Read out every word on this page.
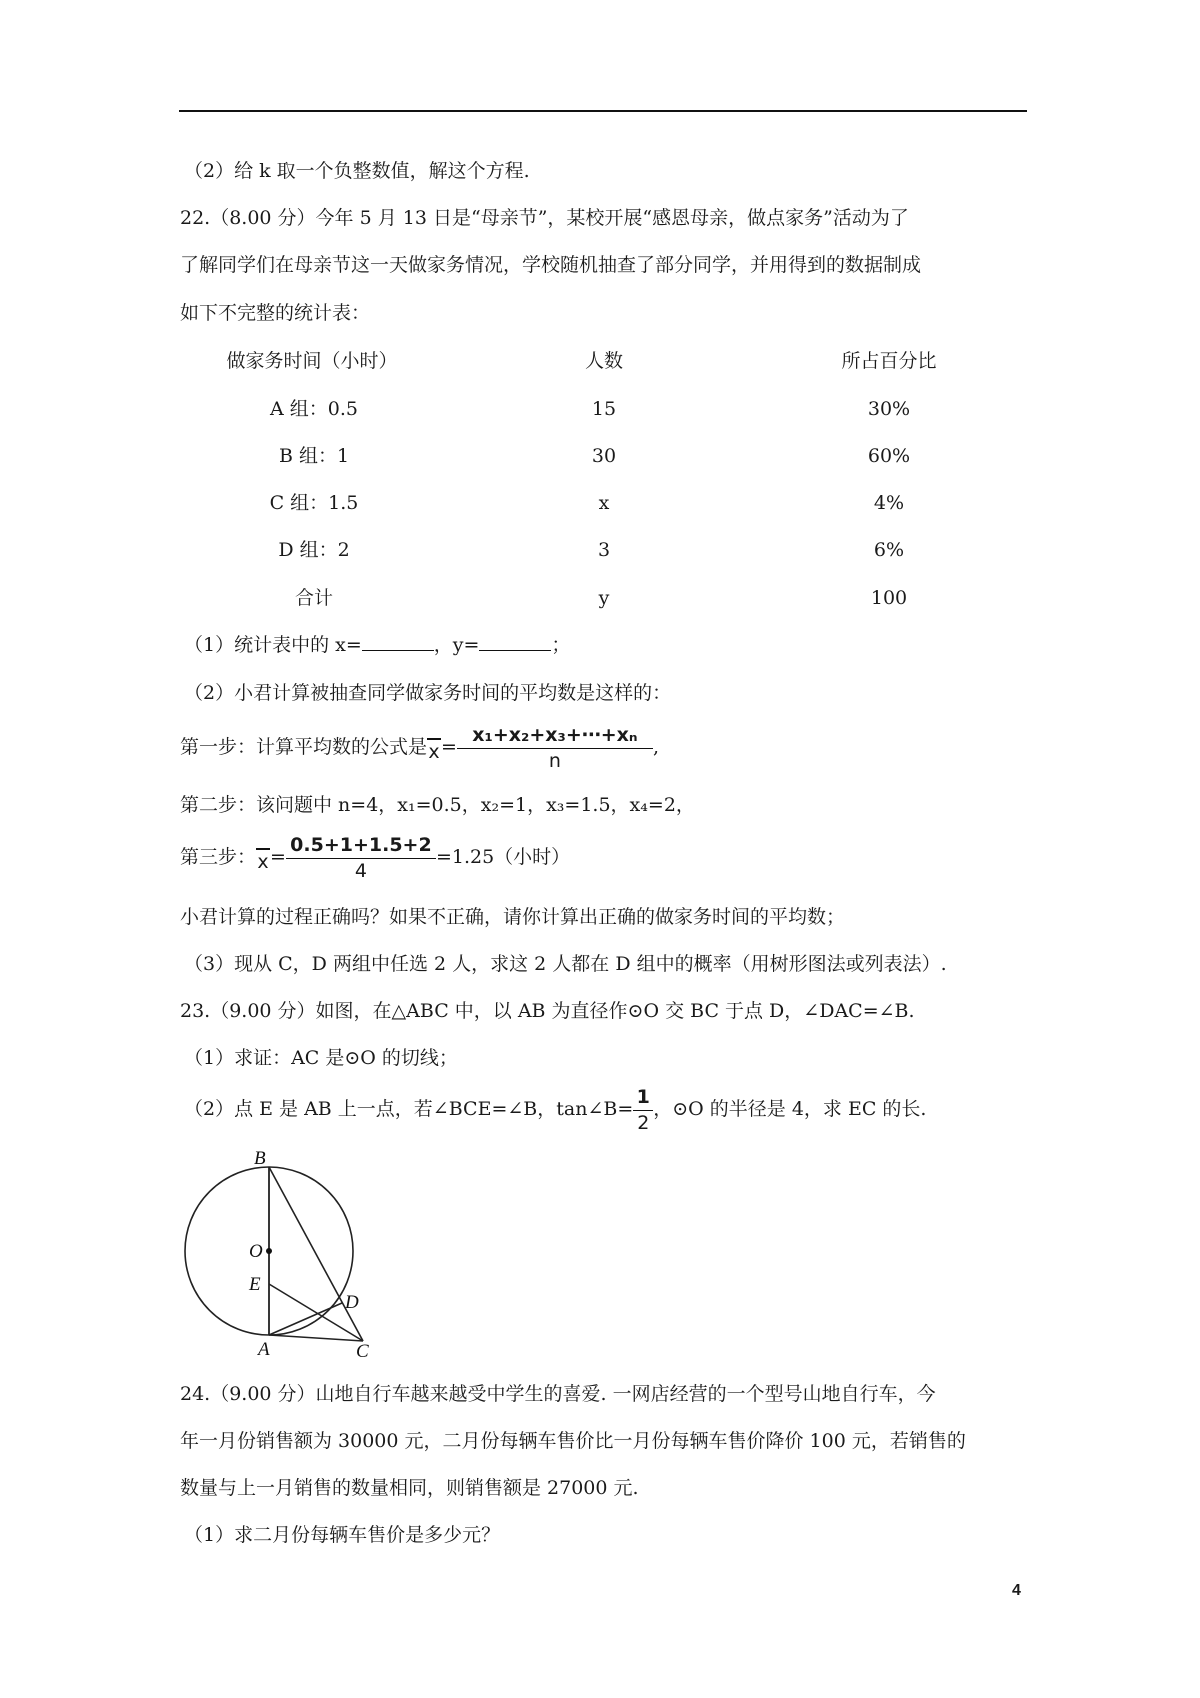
（2）给 k 取一个负整数值，解这个方程.
22.（8.00 分）今年 5 月 13 日是“母亲节”，某校开展“感恩母亲，做点家务”活动为了
了解同学们在母亲节这一天做家务情况，学校随机抽查了部分同学，并用得到的数据制成
如下不完整的统计表：
做家务时间（小时）	人数	所占百分比
A 组：0.5	15	30%
B 组：1	30	60%
C 组：1.5	x	4%
D 组：2	3	6%
合计	y	100
（1）统计表中的 x=	，y=	；
（2）小君计算被抽查同学做家务时间的平均数是这样的：
第一步：计算平均数的公式是
$x= \frac{\text{x₁+x₂+x₃+⋯+xₙ}}{n}$ ,
第二步：该问题中 n=4，x₁=0.5，x₂=1，x₃=1.5，x₄=2，
第三步：
$x= \frac{0.5+1+1.5+2}{4} =1.25$（小时）
小君计算的过程正确吗？如果不正确，请你计算出正确的做家务时间的平均数；
（3）现从 C，D 两组中任选 2 人，求这 2 人都在 D 组中的概率（用树形图法或列表法）.
23.（9.00 分）如图，在△ABC 中，以 AB 为直径作⊙O 交 BC 于点 D，∠DAC=∠B.
（1）求证：AC 是⊙O 的切线；
（2）点 E 是 AB 上一点，若∠BCE=∠B，tan∠B= $\frac{1}{2}$ ，⊙O 的半径是 4，求 EC 的长.
B
O
E
D
A	C
24.（9.00 分）山地自行车越来越受中学生的喜爱. 一网店经营的一个型号山地自行车，今
年一月份销售额为 30000 元，二月份每辆车售价比一月份每辆车售价降价 100 元，若销售的
数量与上一月销售的数量相同，则销售额是 27000 元.
（1）求二月份每辆车售价是多少元？
4
